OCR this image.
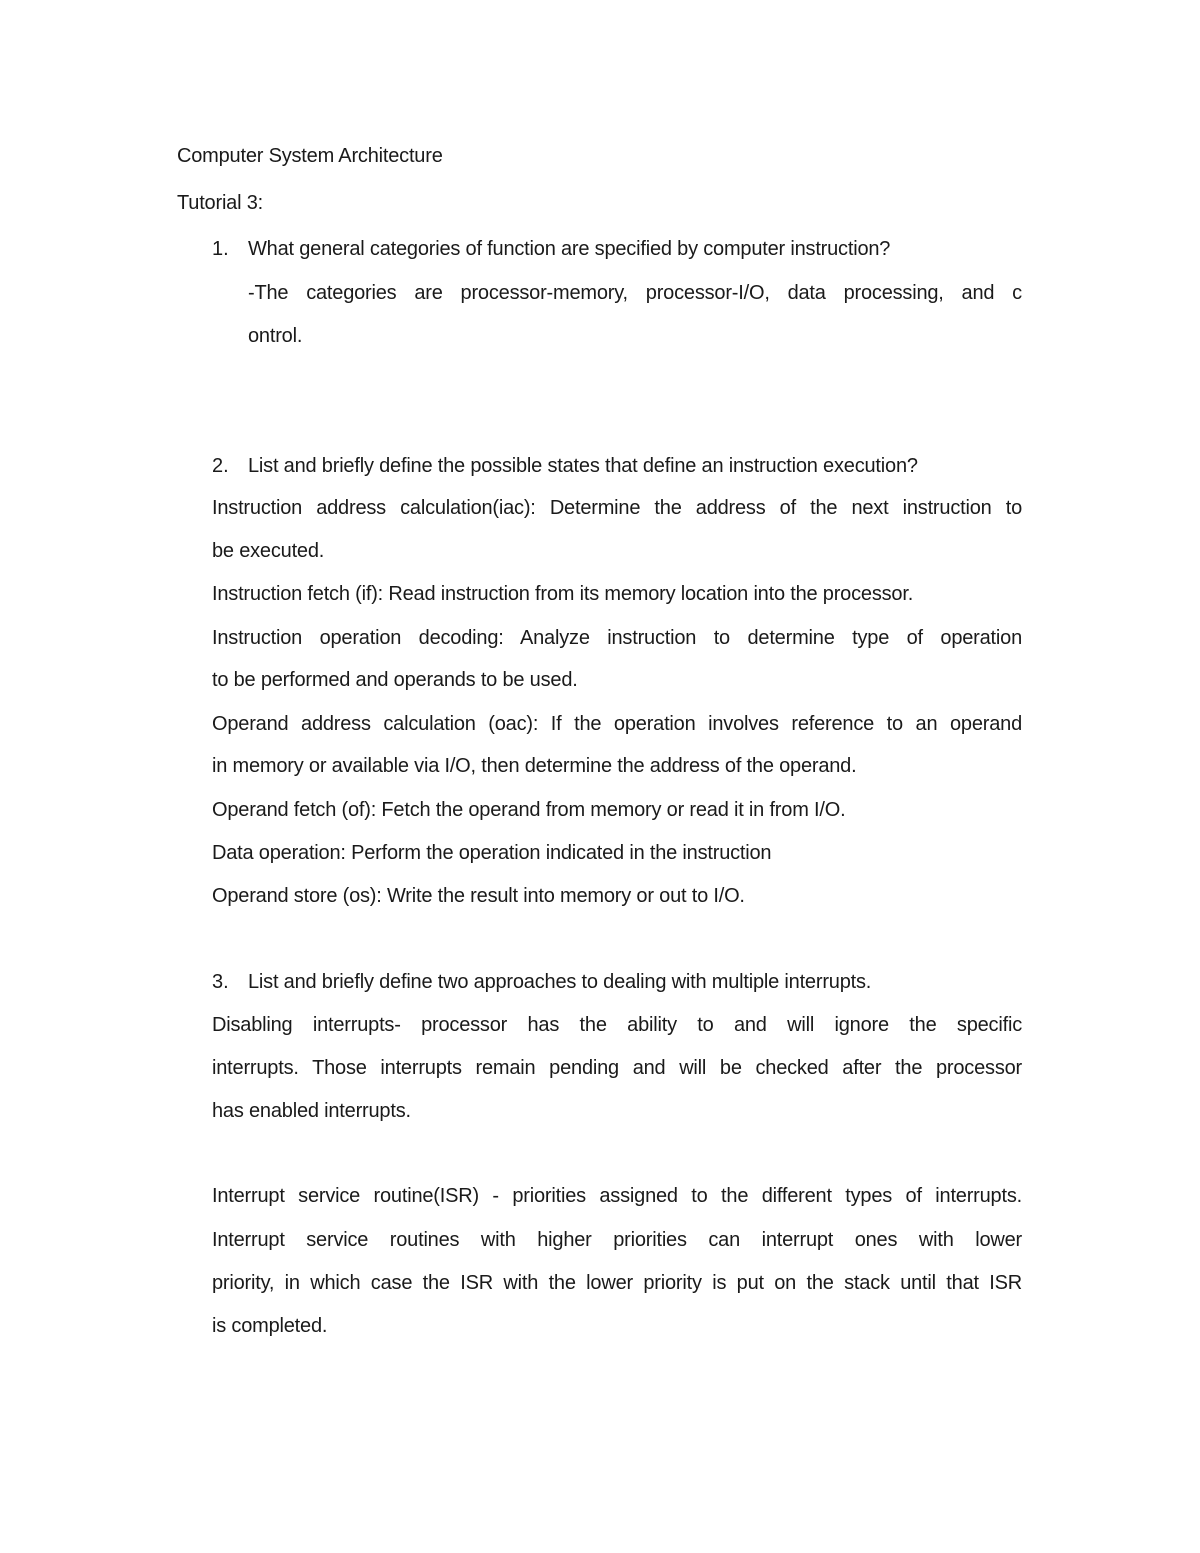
Computer System Architecture
Tutorial 3:
1. What general categories of function are specified by computer instruction?
-The categories are processor-memory, processor-I/O, data processing, and c
ontrol.
2. List and briefly define the possible states that define an instruction execution?
Instruction address calculation(iac): Determine the address of the next instruction to
be executed.
Instruction fetch (if): Read instruction from its memory location into the processor.
Instruction operation decoding: Analyze instruction to determine type of operation
to be performed and operands to be used.
Operand address calculation (oac): If the operation involves reference to an operand
in memory or available via I/O, then determine the address of the operand.
Operand fetch (of): Fetch the operand from memory or read it in from I/O.
Data operation: Perform the operation indicated in the instruction
Operand store (os): Write the result into memory or out to I/O.
3. List and briefly define two approaches to dealing with multiple interrupts.
Disabling interrupts- processor has the ability to and will ignore the specific
interrupts. Those interrupts remain pending and will be checked after the processor
has enabled interrupts.
Interrupt service routine(ISR) - priorities assigned to the different types of interrupts.
Interrupt service routines with higher priorities can interrupt ones with lower
priority, in which case the ISR with the lower priority is put on the stack until that ISR
is completed.
